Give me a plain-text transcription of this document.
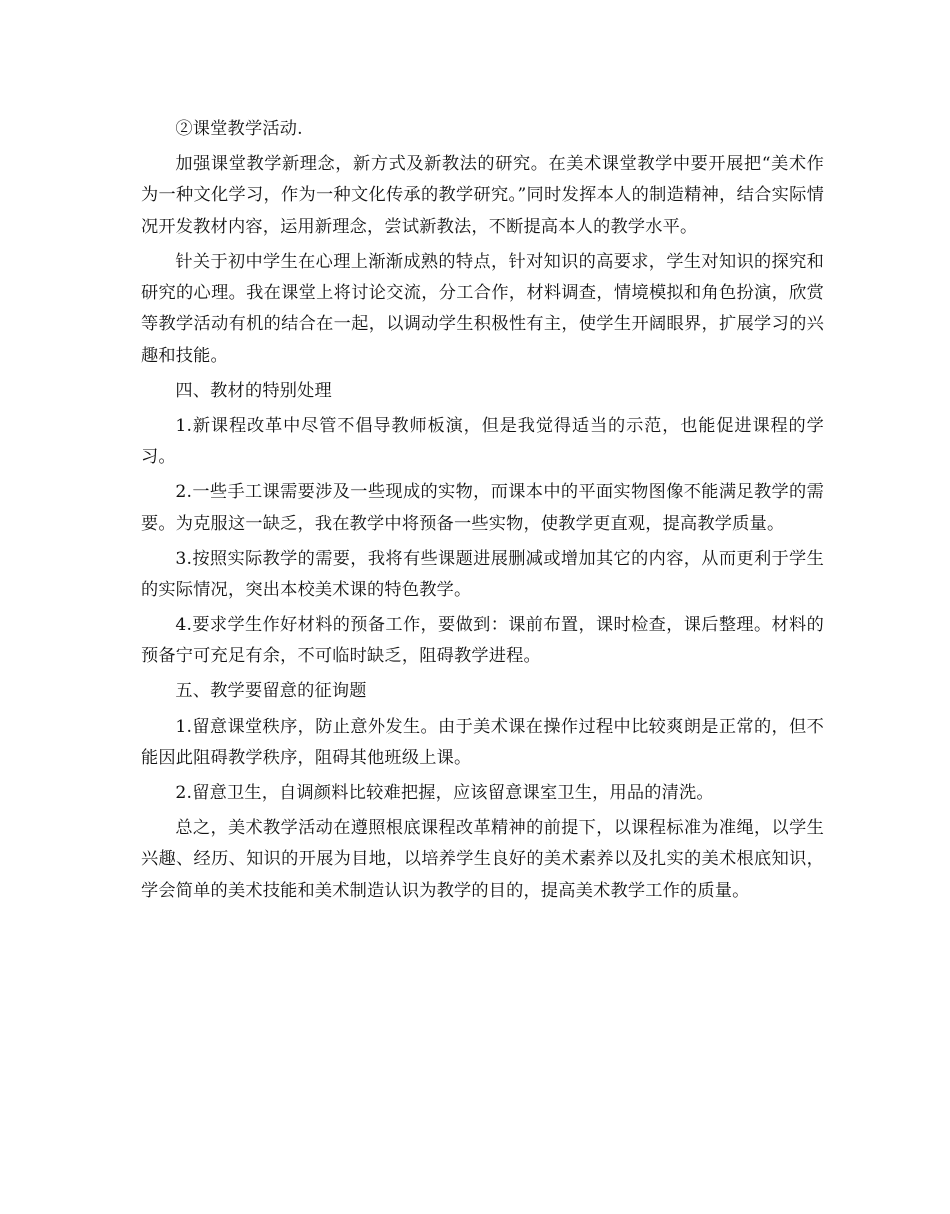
②课堂教学活动.

加强课堂教学新理念，新方式及新教法的研究。在美术课堂教学中要开展把“美术作为一种文化学习，作为一种文化传承的教学研究。”同时发挥本人的制造精神，结合实际情况开发教材内容，运用新理念，尝试新教法，不断提高本人的教学水平。

针关于初中学生在心理上渐渐成熟的特点，针对知识的高要求，学生对知识的探究和研究的心理。我在课堂上将讨论交流，分工合作，材料调查，情境模拟和角色扮演，欣赏等教学活动有机的结合在一起，以调动学生积极性有主，使学生开阔眼界，扩展学习的兴趣和技能。

四、教材的特别处理

1.新课程改革中尽管不倡导教师板演，但是我觉得适当的示范，也能促进课程的学习。

2.一些手工课需要涉及一些现成的实物，而课本中的平面实物图像不能满足教学的需要。为克服这一缺乏，我在教学中将预备一些实物，使教学更直观，提高教学质量。

3.按照实际教学的需要，我将有些课题进展删减或增加其它的内容，从而更利于学生的实际情况，突出本校美术课的特色教学。

4.要求学生作好材料的预备工作，要做到：课前布置，课时检查，课后整理。材料的预备宁可充足有余，不可临时缺乏，阻碍教学进程。

五、教学要留意的征询题

1.留意课堂秩序，防止意外发生。由于美术课在操作过程中比较爽朗是正常的，但不能因此阻碍教学秩序，阻碍其他班级上课。

2.留意卫生，自调颜料比较难把握，应该留意课室卫生，用品的清洗。

总之，美术教学活动在遵照根底课程改革精神的前提下，以课程标准为准绳，以学生兴趣、经历、知识的开展为目地，以培养学生良好的美术素养以及扎实的美术根底知识，学会简单的美术技能和美术制造认识为教学的目的，提高美术教学工作的质量。
